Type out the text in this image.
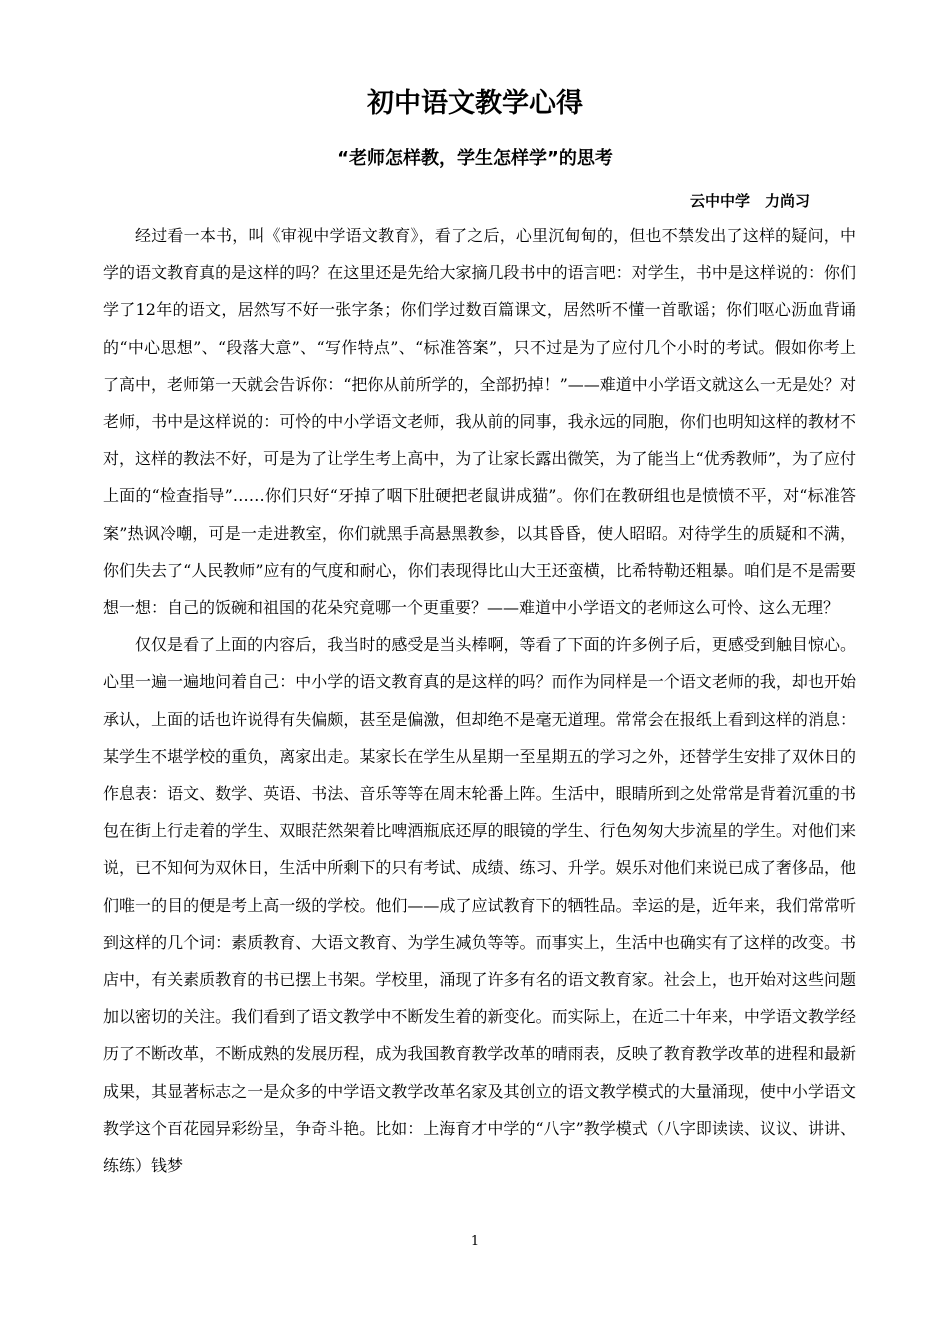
初中语文教学心得
“老师怎样教，学生怎样学”的思考
云中中学　力尚习

经过看一本书，叫《审视中学语文教育》，看了之后，心里沉甸甸的，但也不禁发出了这样的疑问，中学的语文教育真的是这样的吗？在这里还是先给大家摘几段书中的语言吧：对学生，书中是这样说的：你们学了12年的语文，居然写不好一张字条；你们学过数百篇课文，居然听不懂一首歌谣；你们呕心沥血背诵的“中心思想”、“段落大意”、“写作特点”、“标准答案”，只不过是为了应付几个小时的考试。假如你考上了高中，老师第一天就会告诉你：“把你从前所学的，全部扔掉！”——难道中小学语文就这么一无是处？对老师，书中是这样说的：可怜的中小学语文老师，我从前的同事，我永远的同胞，你们也明知这样的教材不对，这样的教法不好，可是为了让学生考上高中，为了让家长露出微笑，为了能当上“优秀教师”，为了应付上面的“检查指导”……你们只好“牙掉了咽下肚硬把老鼠讲成猫”。你们在教研组也是愤愤不平，对“标准答案”热讽冷嘲，可是一走进教室，你们就黑手高悬黑教参，以其昏昏，使人昭昭。对待学生的质疑和不满，你们失去了“人民教师”应有的气度和耐心，你们表现得比山大王还蛮横，比希特勒还粗暴。咱们是不是需要想一想：自己的饭碗和祖国的花朵究竟哪一个更重要？——难道中小学语文的老师这么可怜、这么无理？

仅仅是看了上面的内容后，我当时的感受是当头棒啊，等看了下面的许多例子后，更感受到触目惊心。心里一遍一遍地问着自己：中小学的语文教育真的是这样的吗？而作为同样是一个语文老师的我，却也开始承认，上面的话也许说得有失偏颇，甚至是偏激，但却绝不是毫无道理。常常会在报纸上看到这样的消息：某学生不堪学校的重负，离家出走。某家长在学生从星期一至星期五的学习之外，还替学生安排了双休日的作息表：语文、数学、英语、书法、音乐等等在周末轮番上阵。生活中，眼睛所到之处常常是背着沉重的书包在街上行走着的学生、双眼茫然架着比啤酒瓶底还厚的眼镜的学生、行色匆匆大步流星的学生。对他们来说，已不知何为双休日，生活中所剩下的只有考试、成绩、练习、升学。娱乐对他们来说已成了奢侈品，他们唯一的目的便是考上高一级的学校。他们——成了应试教育下的牺牲品。幸运的是，近年来，我们常常听到这样的几个词：素质教育、大语文教育、为学生减负等等。而事实上，生活中也确实有了这样的改变。书店中，有关素质教育的书已摆上书架。学校里，涌现了许多有名的语文教育家。社会上，也开始对这些问题加以密切的关注。我们看到了语文教学中不断发生着的新变化。而实际上，在近二十年来，中学语文教学经历了不断改革，不断成熟的发展历程，成为我国教育教学改革的晴雨表，反映了教育教学改革的进程和最新成果，其显著标志之一是众多的中学语文教学改革名家及其创立的语文教学模式的大量涌现，使中小学语文教学这个百花园异彩纷呈，争奇斗艳。比如：上海育才中学的“八字”教学模式（八字即读读、议议、讲讲、练练）钱梦

1
